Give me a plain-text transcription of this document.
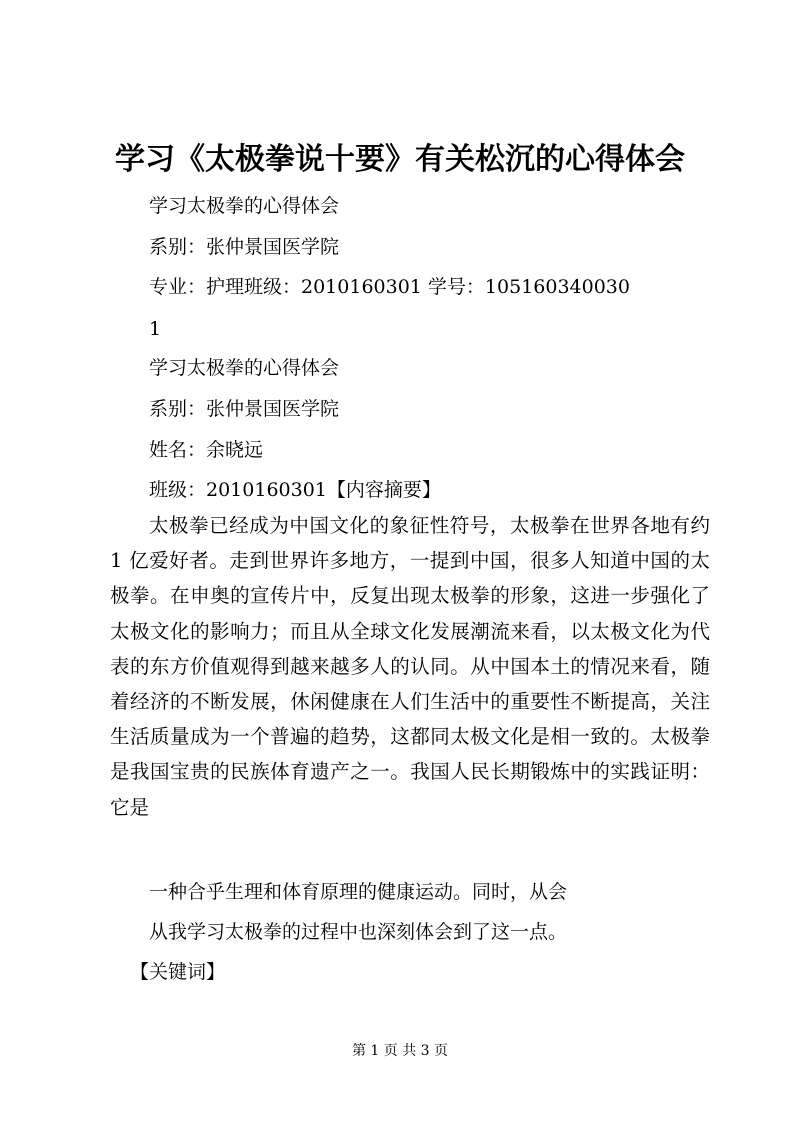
学习《太极拳说十要》有关松沉的心得体会
学习太极拳的心得体会
系别：张仲景国医学院
专业：护理班级：2010160301 学号：105160340030
1
学习太极拳的心得体会
系别：张仲景国医学院
姓名：余晓远
班级：2010160301【内容摘要】
太极拳已经成为中国文化的象征性符号，太极拳在世界各地有约 1 亿爱好者。走到世界许多地方，一提到中国，很多人知道中国的太极拳。在申奥的宣传片中，反复出现太极拳的形象，这进一步强化了太极文化的影响力；而且从全球文化发展潮流来看，以太极文化为代表的东方价值观得到越来越多人的认同。从中国本土的情况来看，随着经济的不断发展，休闲健康在人们生活中的重要性不断提高，关注生活质量成为一个普遍的趋势，这都同太极文化是相一致的。太极拳是我国宝贵的民族体育遗产之一。我国人民长期锻炼中的实践证明：它是
一种合乎生理和体育原理的健康运动。同时，从会
从我学习太极拳的过程中也深刻体会到了这一点。
【关键词】
第 1 页 共 3 页
